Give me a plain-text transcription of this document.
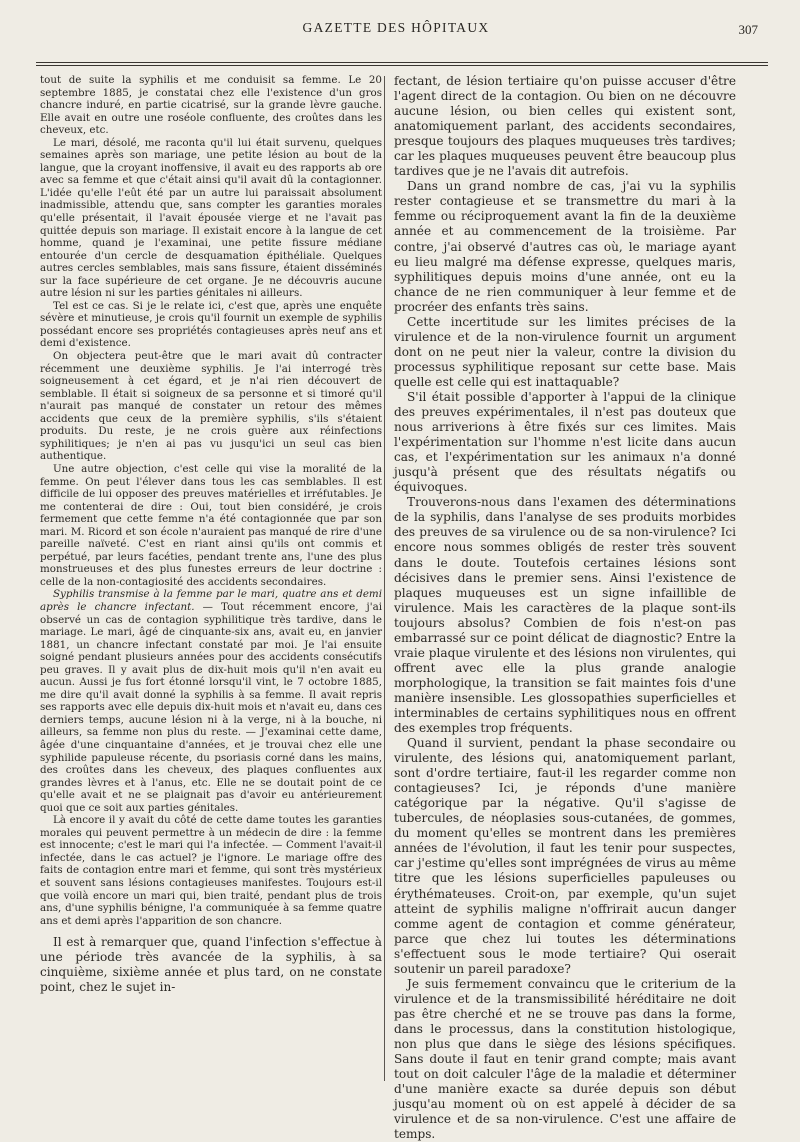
GAZETTE DES HÔPITAUX	307

tout de suite la syphilis et me conduisit sa femme. Le 20 septembre 1885, je constatai chez elle l'existence d'un gros chancre induré, en partie cicatrisé, sur la grande lèvre gauche. Elle avait en outre une roséole confluente, des croûtes dans les cheveux, etc.

Le mari, désolé, me raconta qu'il lui était survenu, quelques semaines après son mariage, une petite lésion au bout de la langue, que la croyant inoffensive, il avait eu des rapports ab ore avec sa femme et que c'était ainsi qu'il avait dû la contagionner. L'idée qu'elle l'eût été par un autre lui paraissait absolument inadmissible, attendu que, sans compter les garanties morales qu'elle présentait, il l'avait épousée vierge et ne l'avait pas quittée depuis son mariage. Il existait encore à la langue de cet homme, quand je l'examinai, une petite fissure médiane entourée d'un cercle de desquamation épithéliale. Quelques autres cercles semblables, mais sans fissure, étaient disséminés sur la face supérieure de cet organe. Je ne découvris aucune autre lésion ni sur les parties génitales ni ailleurs.

Tel est ce cas. Si je le relate ici, c'est que, après une enquête sévère et minutieuse, je crois qu'il fournit un exemple de syphilis possédant encore ses propriétés contagieuses après neuf ans et demi d'existence.

On objectera peut-être que le mari avait dû contracter récemment une deuxième syphilis. Je l'ai interrogé très soigneusement à cet égard, et je n'ai rien découvert de semblable. Il était si soigneux de sa personne et si timoré qu'il n'aurait pas manqué de constater un retour des mêmes accidents que ceux de la première syphilis, s'ils s'étaient produits. Du reste, je ne crois guère aux réinfections syphilitiques; je n'en ai pas vu jusqu'ici un seul cas bien authentique.

Une autre objection, c'est celle qui vise la moralité de la femme. On peut l'élever dans tous les cas semblables. Il est difficile de lui opposer des preuves matérielles et irréfutables. Je me contenterai de dire : Oui, tout bien considéré, je crois fermement que cette femme n'a été contagionnée que par son mari. M. Ricord et son école n'auraient pas manqué de rire d'une pareille naïveté. C'est en riant ainsi qu'ils ont commis et perpétué, par leurs facéties, pendant trente ans, l'une des plus monstrueuses et des plus funestes erreurs de leur doctrine : celle de la non-contagiosité des accidents secondaires.

Syphilis transmise à la femme par le mari, quatre ans et demi après le chancre infectant. — Tout récemment encore, j'ai observé un cas de contagion syphilitique très tardive, dans le mariage. Le mari, âgé de cinquante-six ans, avait eu, en janvier 1881, un chancre infectant constaté par moi. Je l'ai ensuite soigné pendant plusieurs années pour des accidents consécutifs peu graves. Il y avait plus de dix-huit mois qu'il n'en avait eu aucun. Aussi je fus fort étonné lorsqu'il vint, le 7 octobre 1885, me dire qu'il avait donné la syphilis à sa femme. Il avait repris ses rapports avec elle depuis dix-huit mois et n'avait eu, dans ces derniers temps, aucune lésion ni à la verge, ni à la bouche, ni ailleurs, sa femme non plus du reste. — J'examinai cette dame, âgée d'une cinquantaine d'années, et je trouvai chez elle une syphilide papuleuse récente, du psoriasis corné dans les mains, des croûtes dans les cheveux, des plaques confluentes aux grandes lèvres et à l'anus, etc. Elle ne se doutait point de ce qu'elle avait et ne se plaignait pas d'avoir eu antérieurement quoi que ce soit aux parties génitales.

Là encore il y avait du côté de cette dame toutes les garanties morales qui peuvent permettre à un médecin de dire : la femme est innocente; c'est le mari qui l'a infectée. — Comment l'avait-il infectée, dans le cas actuel? je l'ignore. Le mariage offre des faits de contagion entre mari et femme, qui sont très mystérieux et souvent sans lésions contagieuses manifestes. Toujours est-il que voilà encore un mari qui, bien traité, pendant plus de trois ans, d'une syphilis bénigne, l'a communiquée à sa femme quatre ans et demi après l'apparition de son chancre.

Il est à remarquer que, quand l'infection s'effectue à une période très avancée de la syphilis, à sa cinquième, sixième année et plus tard, on ne constate point, chez le sujet in-

fectant, de lésion tertiaire qu'on puisse accuser d'être l'agent direct de la contagion. Ou bien on ne découvre aucune lésion, ou bien celles qui existent sont, anatomiquement parlant, des accidents secondaires, presque toujours des plaques muqueuses très tardives; car les plaques muqueuses peuvent être beaucoup plus tardives que je ne l'avais dit autrefois.

Dans un grand nombre de cas, j'ai vu la syphilis rester contagieuse et se transmettre du mari à la femme ou réciproquement avant la fin de la deuxième année et au commencement de la troisième. Par contre, j'ai observé d'autres cas où, le mariage ayant eu lieu malgré ma défense expresse, quelques maris, syphilitiques depuis moins d'une année, ont eu la chance de ne rien communiquer à leur femme et de procréer des enfants très sains.

Cette incertitude sur les limites précises de la virulence et de la non-virulence fournit un argument dont on ne peut nier la valeur, contre la division du processus syphilitique reposant sur cette base. Mais quelle est celle qui est inattaquable?

S'il était possible d'apporter à l'appui de la clinique des preuves expérimentales, il n'est pas douteux que nous arriverions à être fixés sur ces limites. Mais l'expérimentation sur l'homme n'est licite dans aucun cas, et l'expérimentation sur les animaux n'a donné jusqu'à présent que des résultats négatifs ou équivoques.

Trouverons-nous dans l'examen des déterminations de la syphilis, dans l'analyse de ses produits morbides des preuves de sa virulence ou de sa non-virulence? Ici encore nous sommes obligés de rester très souvent dans le doute. Toutefois certaines lésions sont décisives dans le premier sens. Ainsi l'existence de plaques muqueuses est un signe infaillible de virulence. Mais les caractères de la plaque sont-ils toujours absolus? Combien de fois n'est-on pas embarrassé sur ce point délicat de diagnostic? Entre la vraie plaque virulente et des lésions non virulentes, qui offrent avec elle la plus grande analogie morphologique, la transition se fait maintes fois d'une manière insensible. Les glossopathies superficielles et interminables de certains syphilitiques nous en offrent des exemples trop fréquents.

Quand il survient, pendant la phase secondaire ou virulente, des lésions qui, anatomiquement parlant, sont d'ordre tertiaire, faut-il les regarder comme non contagieuses? Ici, je réponds d'une manière catégorique par la négative. Qu'il s'agisse de tubercules, de néoplasies sous-cutanées, de gommes, du moment qu'elles se montrent dans les premières années de l'évolution, il faut les tenir pour suspectes, car j'estime qu'elles sont imprégnées de virus au même titre que les lésions superficielles papuleuses ou érythémateuses. Croit-on, par exemple, qu'un sujet atteint de syphilis maligne n'offrirait aucun danger comme agent de contagion et comme générateur, parce que chez lui toutes les déterminations s'effectuent sous le mode tertiaire? Qui oserait soutenir un pareil paradoxe?

Je suis fermement convaincu que le criterium de la virulence et de la transmissibilité héréditaire ne doit pas être cherché et ne se trouve pas dans la forme, dans le processus, dans la constitution histologique, non plus que dans le siège des lésions spécifiques. Sans doute il faut en tenir grand compte; mais avant tout on doit calculer l'âge de la maladie et déterminer d'une manière exacte sa durée depuis son début jusqu'au moment où on est appelé à décider de sa virulence et de sa non-virulence. C'est une affaire de temps.
